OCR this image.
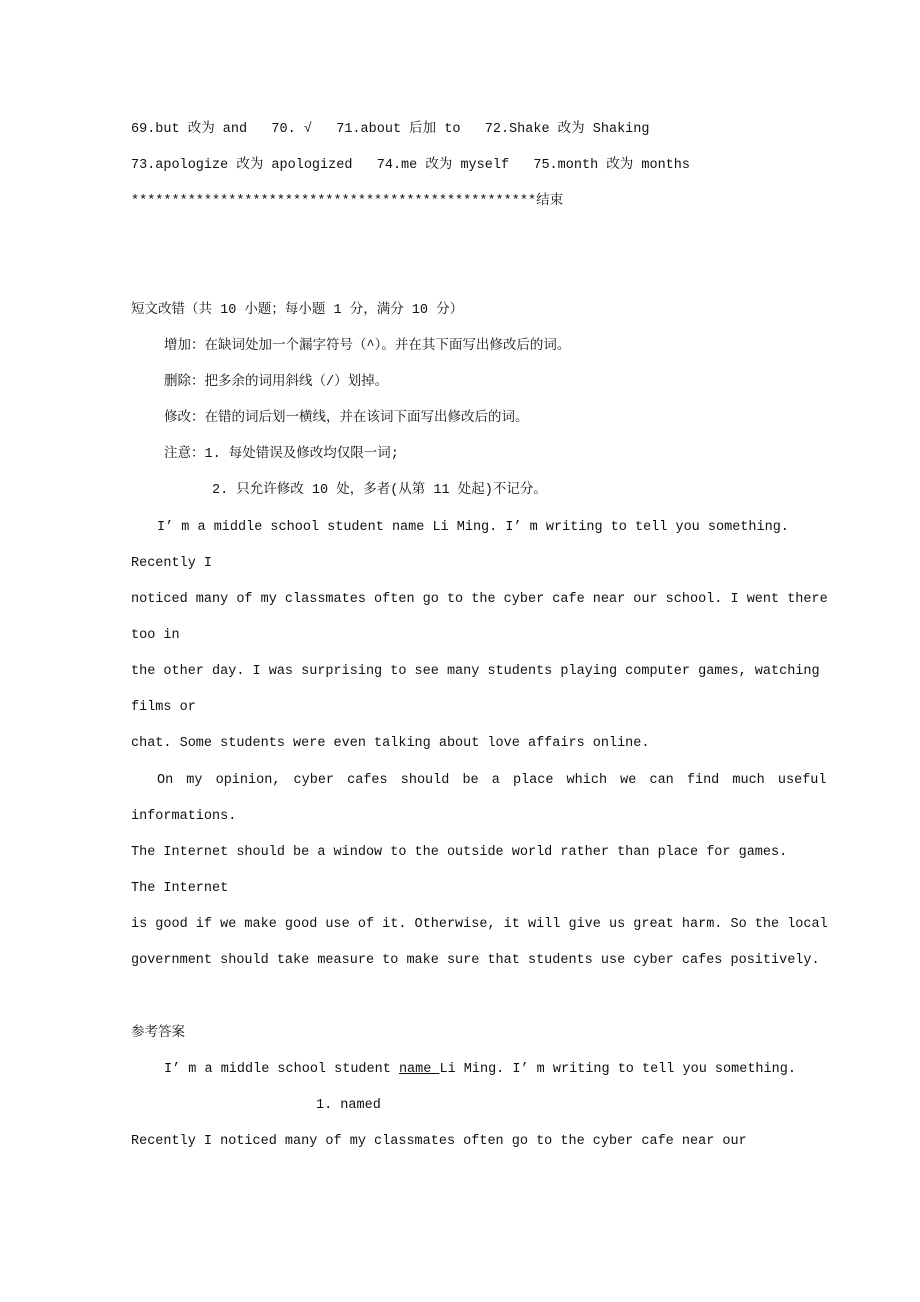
69.but 改为 and   70. √   71.about 后加 to   72.Shake 改为 Shaking
73.apologize 改为 apologized   74.me 改为 myself   75.month 改为 months
**************************************************结束
短文改错（共 10 小题；每小题 1 分，满分 10 分）
增加：在缺词处加一个漏字符号（^）。并在其下面写出修改后的词。
删除：把多余的词用斜线（/）划掉。
修改：在错的词后划一横线，并在该词下面写出修改后的词。
注意：1. 每处错误及修改均仅限一词;
2. 只允许修改 10 处，多者(从第 11 处起)不记分。
I’ m a middle school student name Li Ming. I’ m writing to tell you something.
Recently I
noticed many of my classmates often go to the cyber cafe near our school. I went there
too in
the other day. I was surprising to see many students playing computer games, watching
films or
chat. Some students were even talking about love affairs online.
On my opinion, cyber cafes should be a place which we can find much useful
informations.
The Internet should be a window to the outside world rather than place for games.
The Internet
is good if we make good use of it. Otherwise, it will give us great harm. So the local
government should take measure to make sure that students use cyber cafes positively.
参考答案
I’ m a middle school student name Li Ming. I’ m writing to tell you something.
1. named
Recently I noticed many of my classmates often go to the cyber cafe near our
